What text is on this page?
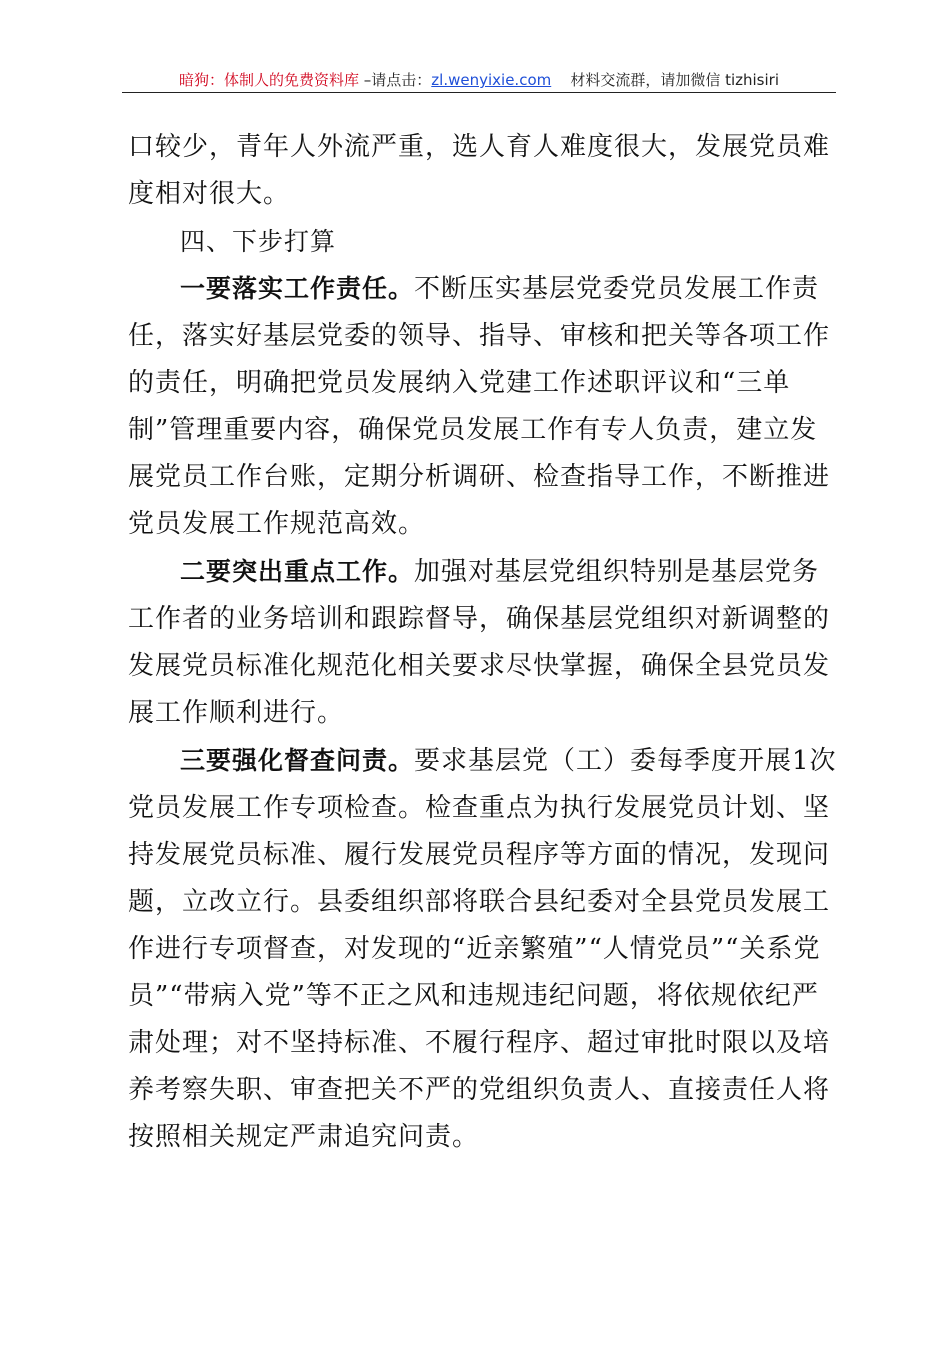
暗狗：体制人的免费资料库 –请点击：zl.wenyixie.com 材料交流群，请加微信 tizhisiri

口较少，青年人外流严重，选人育人难度很大，发展党员难度相对很大。

四、下步打算

一要落实工作责任。不断压实基层党委党员发展工作责任，落实好基层党委的领导、指导、审核和把关等各项工作的责任，明确把党员发展纳入党建工作述职评议和“三单制”管理重要内容，确保党员发展工作有专人负责，建立发展党员工作台账，定期分析调研、检查指导工作，不断推进党员发展工作规范高效。

二要突出重点工作。加强对基层党组织特别是基层党务工作者的业务培训和跟踪督导，确保基层党组织对新调整的发展党员标准化规范化相关要求尽快掌握，确保全县党员发展工作顺利进行。

三要强化督查问责。要求基层党（工）委每季度开展1次党员发展工作专项检查。检查重点为执行发展党员计划、坚持发展党员标准、履行发展党员程序等方面的情况，发现问题，立改立行。县委组织部将联合县纪委对全县党员发展工作进行专项督查，对发现的“近亲繁殖”“人情党员”“关系党员”“带病入党”等不正之风和违规违纪问题，将依规依纪严肃处理；对不坚持标准、不履行程序、超过审批时限以及培养考察失职、审查把关不严的党组织负责人、直接责任人将按照相关规定严肃追究问责。
